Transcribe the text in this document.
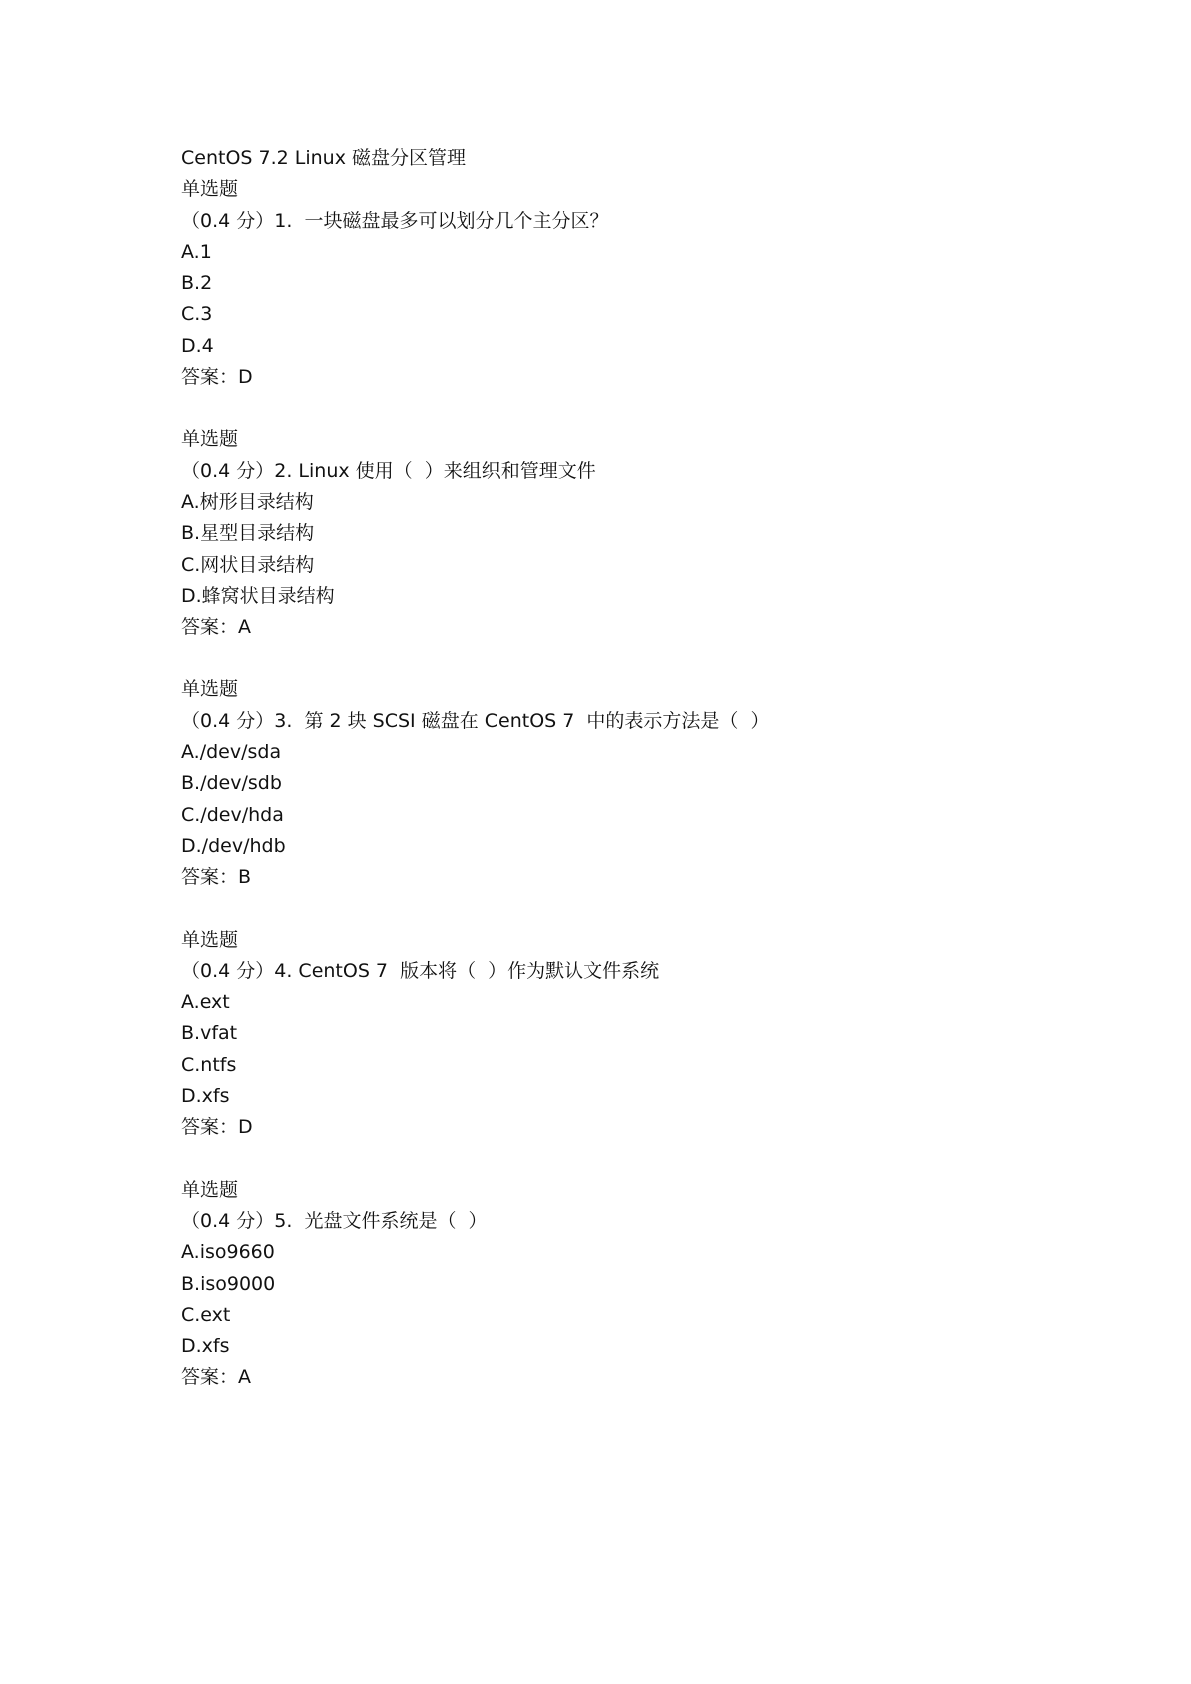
CentOS 7.2 Linux 磁盘分区管理

单选题

（0.4 分）1.  一块磁盘最多可以划分几个主分区？

A.1

B.2

C.3

D.4

答案：D

单选题

（0.4 分）2. Linux 使用（  ）来组织和管理文件

A.树形目录结构

B.星型目录结构

C.网状目录结构

D.蜂窝状目录结构

答案：A

单选题

（0.4 分）3.  第 2 块 SCSI 磁盘在 CentOS 7  中的表示方法是（  ）

A./dev/sda

B./dev/sdb

C./dev/hda

D./dev/hdb

答案：B

单选题

（0.4 分）4. CentOS 7  版本将（  ）作为默认文件系统

A.ext

B.vfat

C.ntfs

D.xfs

答案：D

单选题

（0.4 分）5.  光盘文件系统是（  ）

A.iso9660

B.iso9000

C.ext

D.xfs

答案：A
